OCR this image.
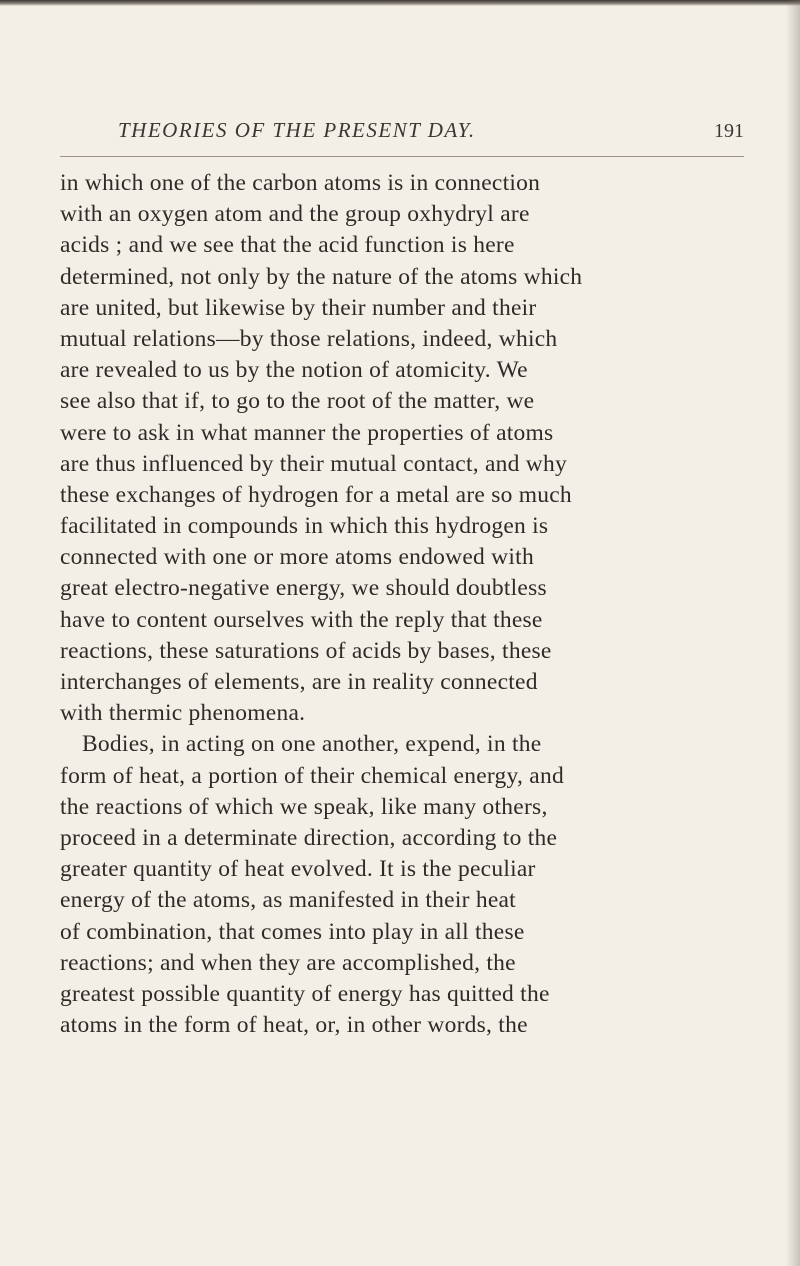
THEORIES OF THE PRESENT DAY.	191
in which one of the carbon atoms is in connection
with an oxygen atom and the group oxhydryl are
acids ; and we see that the acid function is here
determined, not only by the nature of the atoms which
are united, but likewise by their number and their
mutual relations—by those relations, indeed, which
are revealed to us by the notion of atomicity. We
see also that if, to go to the root of the matter, we
were to ask in what manner the properties of atoms
are thus influenced by their mutual contact, and why
these exchanges of hydrogen for a metal are so much
facilitated in compounds in which this hydrogen is
connected with one or more atoms endowed with
great electro-negative energy, we should doubtless
have to content ourselves with the reply that these
reactions, these saturations of acids by bases, these
interchanges of elements, are in reality connected
with thermic phenomena.
Bodies, in acting on one another, expend, in the
form of heat, a portion of their chemical energy, and
the reactions of which we speak, like many others,
proceed in a determinate direction, according to the
greater quantity of heat evolved. It is the peculiar
energy of the atoms, as manifested in their heat
of combination, that comes into play in all these
reactions; and when they are accomplished, the
greatest possible quantity of energy has quitted the
atoms in the form of heat, or, in other words, the
